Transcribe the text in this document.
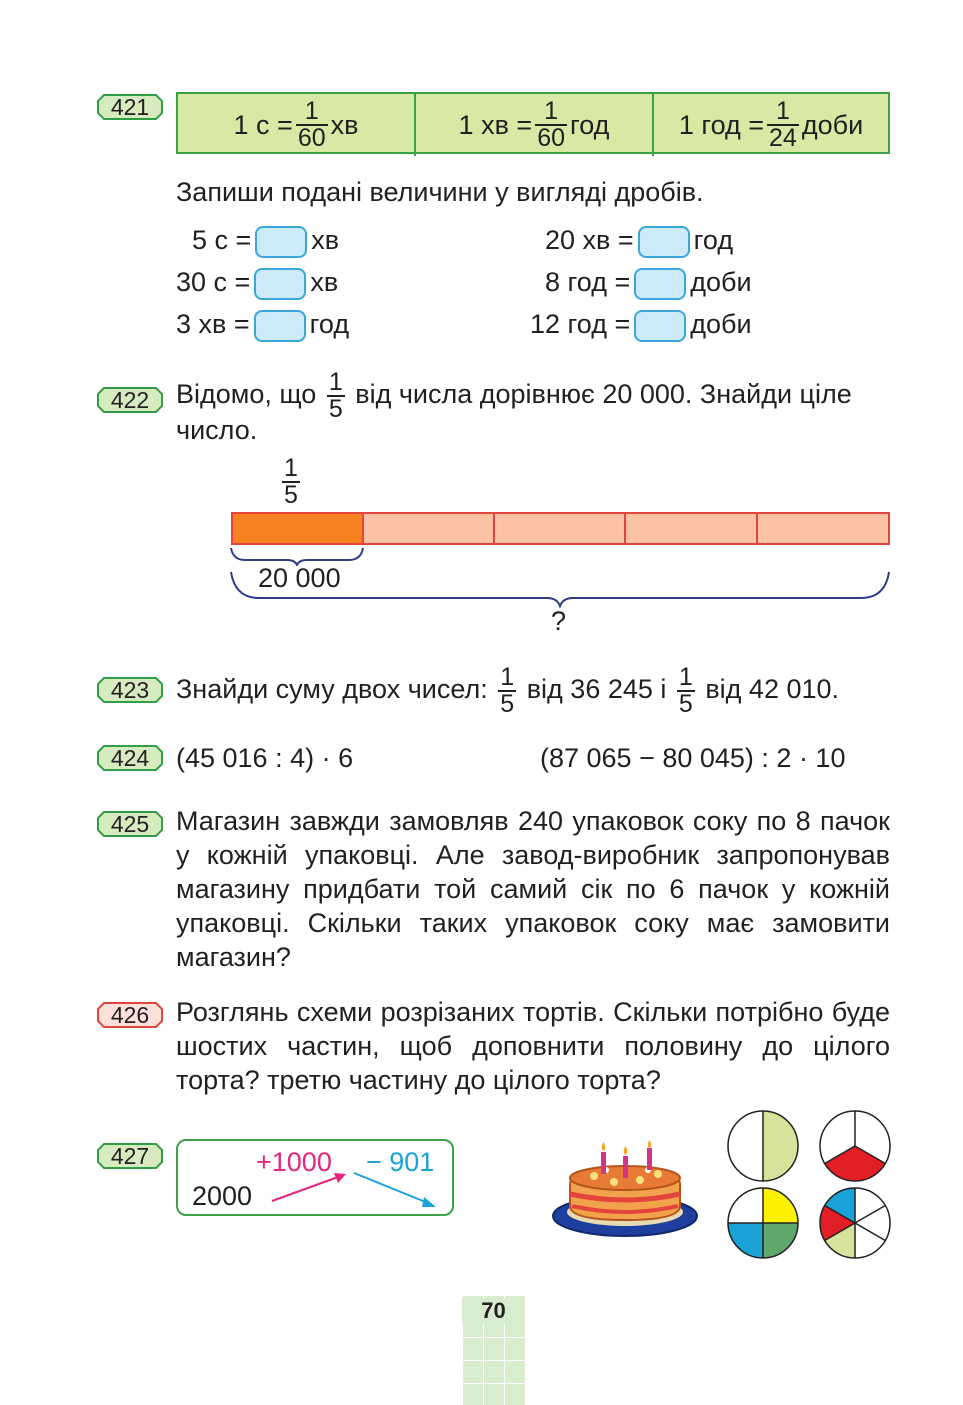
421
1 $с = \frac{1}{60}$ хв	1 хв = $\frac{1}{60}$ год	1 год = $\frac{1}{24}$ доби
Запиши подані величини у вигляді дробів.
5 с = хв
30 с = хв
3 хв = год
20 хв = год
8 год = доби
12 год = доби
422 Відомо, що $\frac{1}{5}$ від числа дорівнює 20 000. Знайди ціле
число.
$\frac{1}{5}$
20 000
?
423 Знайди суму двох чисел: $\frac{1}{5}$ від 36 245 і $\frac{1}{5}$ від 42 010.
424 (45 016 : 4) · 6	(87 065 − 80 045) : 2 · 10
425 Магазин завжди замовляв 240 упаковок соку по 8 пачок у кожній упаковці. Але завод-виробник запропонував магазину придбати той самий сік по 6 пачок у кожній упаковці. Скільки таких упаковок соку має замовити магазин?
426 Розглянь схеми розрізаних тортів. Скільки потрібно буде шостих частин, щоб доповнити половину до цілого торта? третю частину до цілого торта?
427
2000
+1000 − 901
70
